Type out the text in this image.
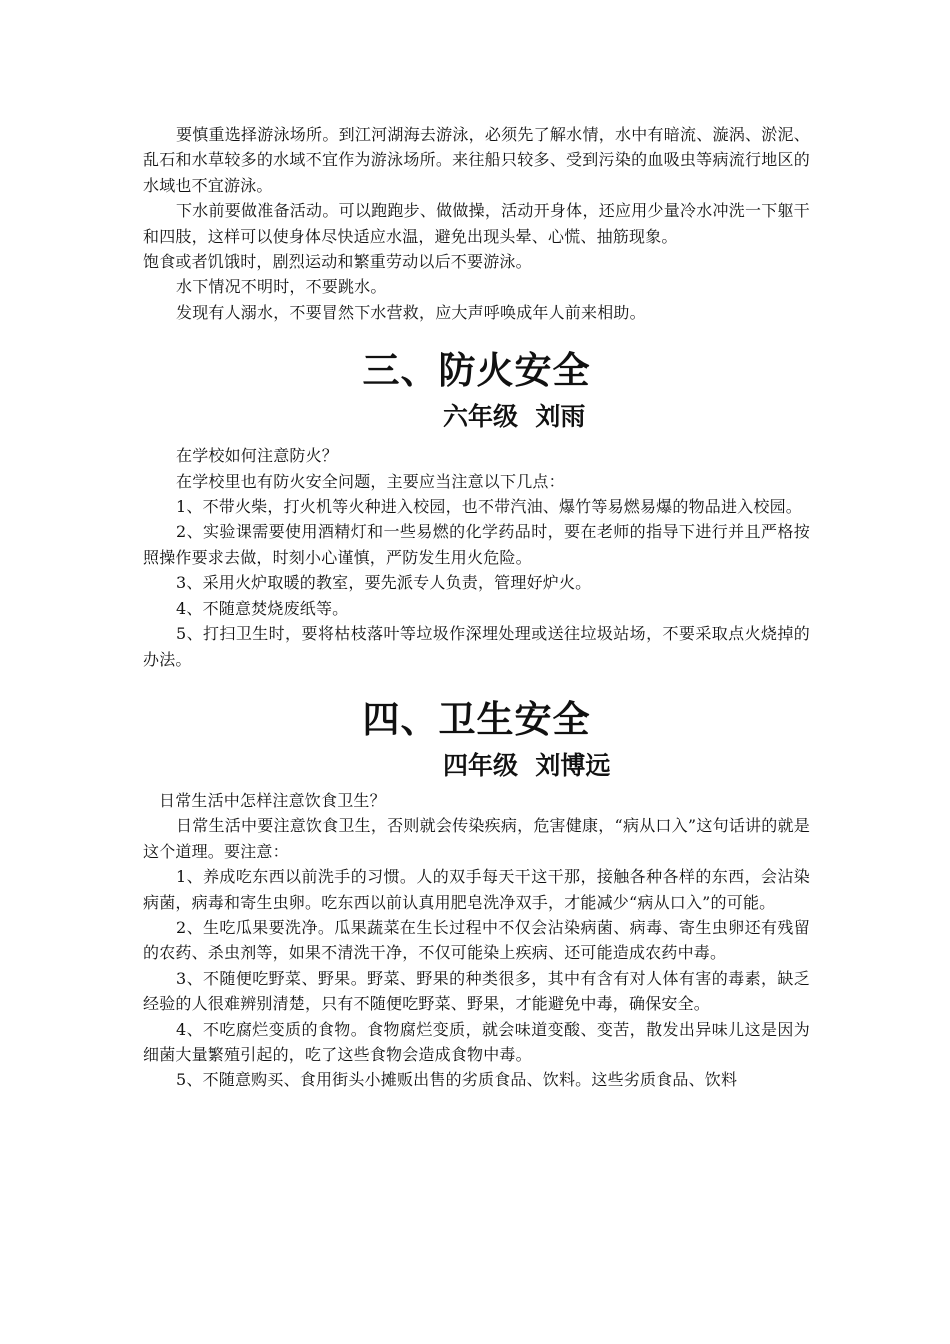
要慎重选择游泳场所。到江河湖海去游泳，必须先了解水情，水中有暗流、漩涡、淤泥、乱石和水草较多的水域不宜作为游泳场所。来往船只较多、受到污染的血吸虫等病流行地区的水域也不宜游泳。

下水前要做准备活动。可以跑跑步、做做操，活动开身体，还应用少量冷水冲洗一下躯干和四肢，这样可以使身体尽快适应水温，避免出现头晕、心慌、抽筋现象。

饱食或者饥饿时，剧烈运动和繁重劳动以后不要游泳。

水下情况不明时，不要跳水。

发现有人溺水，不要冒然下水营救，应大声呼唤成年人前来相助。

三、防火安全
六年级  刘雨

在学校如何注意防火？

在学校里也有防火安全问题，主要应当注意以下几点：

1、不带火柴，打火机等火种进入校园，也不带汽油、爆竹等易燃易爆的物品进入校园。

2、实验课需要使用酒精灯和一些易燃的化学药品时，要在老师的指导下进行并且严格按照操作要求去做，时刻小心谨慎，严防发生用火危险。

3、采用火炉取暖的教室，要先派专人负责，管理好炉火。

4、不随意焚烧废纸等。

5、打扫卫生时，要将枯枝落叶等垃圾作深埋处理或送往垃圾站场，不要采取点火烧掉的办法。

四、卫生安全
四年级  刘博远

日常生活中怎样注意饮食卫生？

日常生活中要注意饮食卫生，否则就会传染疾病，危害健康，“病从口入”这句话讲的就是这个道理。要注意：

1、养成吃东西以前洗手的习惯。人的双手每天干这干那，接触各种各样的东西，会沾染病菌，病毒和寄生虫卵。吃东西以前认真用肥皂洗净双手，才能减少“病从口入”的可能。

2、生吃瓜果要洗净。瓜果蔬菜在生长过程中不仅会沾染病菌、病毒、寄生虫卵还有残留的农药、杀虫剂等，如果不清洗干净，不仅可能染上疾病、还可能造成农药中毒。

3、不随便吃野菜、野果。野菜、野果的种类很多，其中有含有对人体有害的毒素，缺乏经验的人很难辨别清楚，只有不随便吃野菜、野果，才能避免中毒，确保安全。

4、不吃腐烂变质的食物。食物腐烂变质，就会味道变酸、变苦，散发出异味儿这是因为细菌大量繁殖引起的，吃了这些食物会造成食物中毒。

5、不随意购买、食用街头小摊贩出售的劣质食品、饮料。这些劣质食品、饮料
